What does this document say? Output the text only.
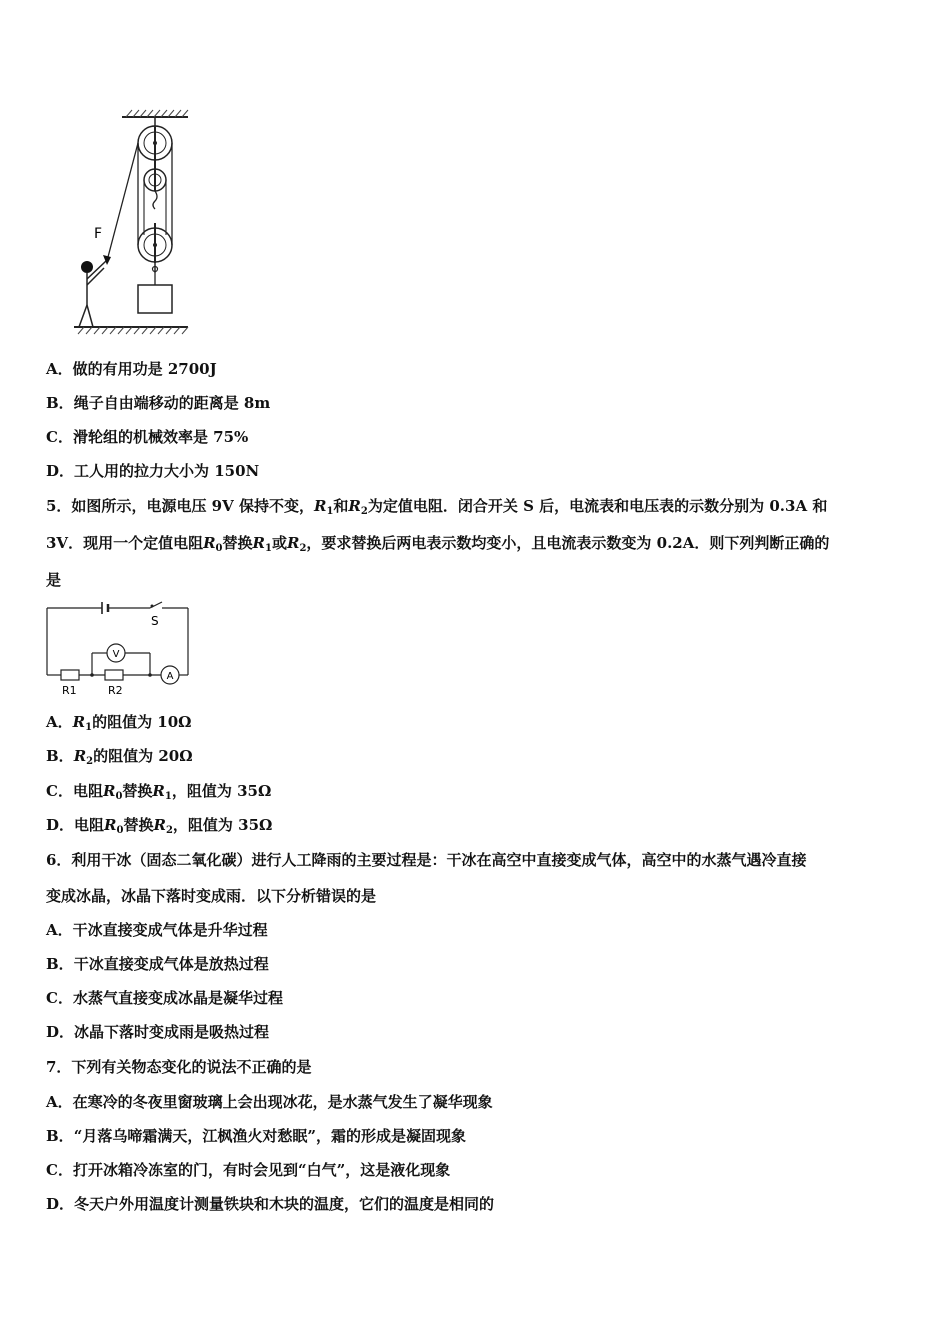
F
A．做的有用功是 2700J
B．绳子自由端移动的距离是 8m
C．滑轮组的机械效率是 75%
D．工人用的拉力大小为 150N
5．如图所示，电源电压 9V 保持不变，$R_1$和$R_2$为定值电阻．闭合开关 S 后，电流表和电压表的示数分别为 0.3A 和
3V．现用一个定值电阻$R_0$替换$R_1$或$R_2$，要求替换后两电表示数均变小，且电流表示数变为 0.2A．则下列判断正确的
是
V
A
S
R1	R2
A．$R_1$的阻值为 10Ω
B．$R_2$的阻值为 20Ω
C．电阻$R_0$替换$R_1$，阻值为 35Ω
D．电阻$R_0$替换$R_2$，阻值为 35Ω
6．利用干冰（固态二氧化碳）进行人工降雨的主要过程是：干冰在高空中直接变成气体，高空中的水蒸气遇冷直接
变成冰晶，冰晶下落时变成雨．以下分析错误的是
A．干冰直接变成气体是升华过程
B．干冰直接变成气体是放热过程
C．水蒸气直接变成冰晶是凝华过程
D．冰晶下落时变成雨是吸热过程
7．下列有关物态变化的说法不正确的是
A．在寒冷的冬夜里窗玻璃上会出现冰花，是水蒸气发生了凝华现象
B．“月落乌啼霜满天，江枫渔火对愁眠”，霜的形成是凝固现象
C．打开冰箱冷冻室的门，有时会见到“白气”，这是液化现象
D．冬天户外用温度计测量铁块和木块的温度，它们的温度是相同的
